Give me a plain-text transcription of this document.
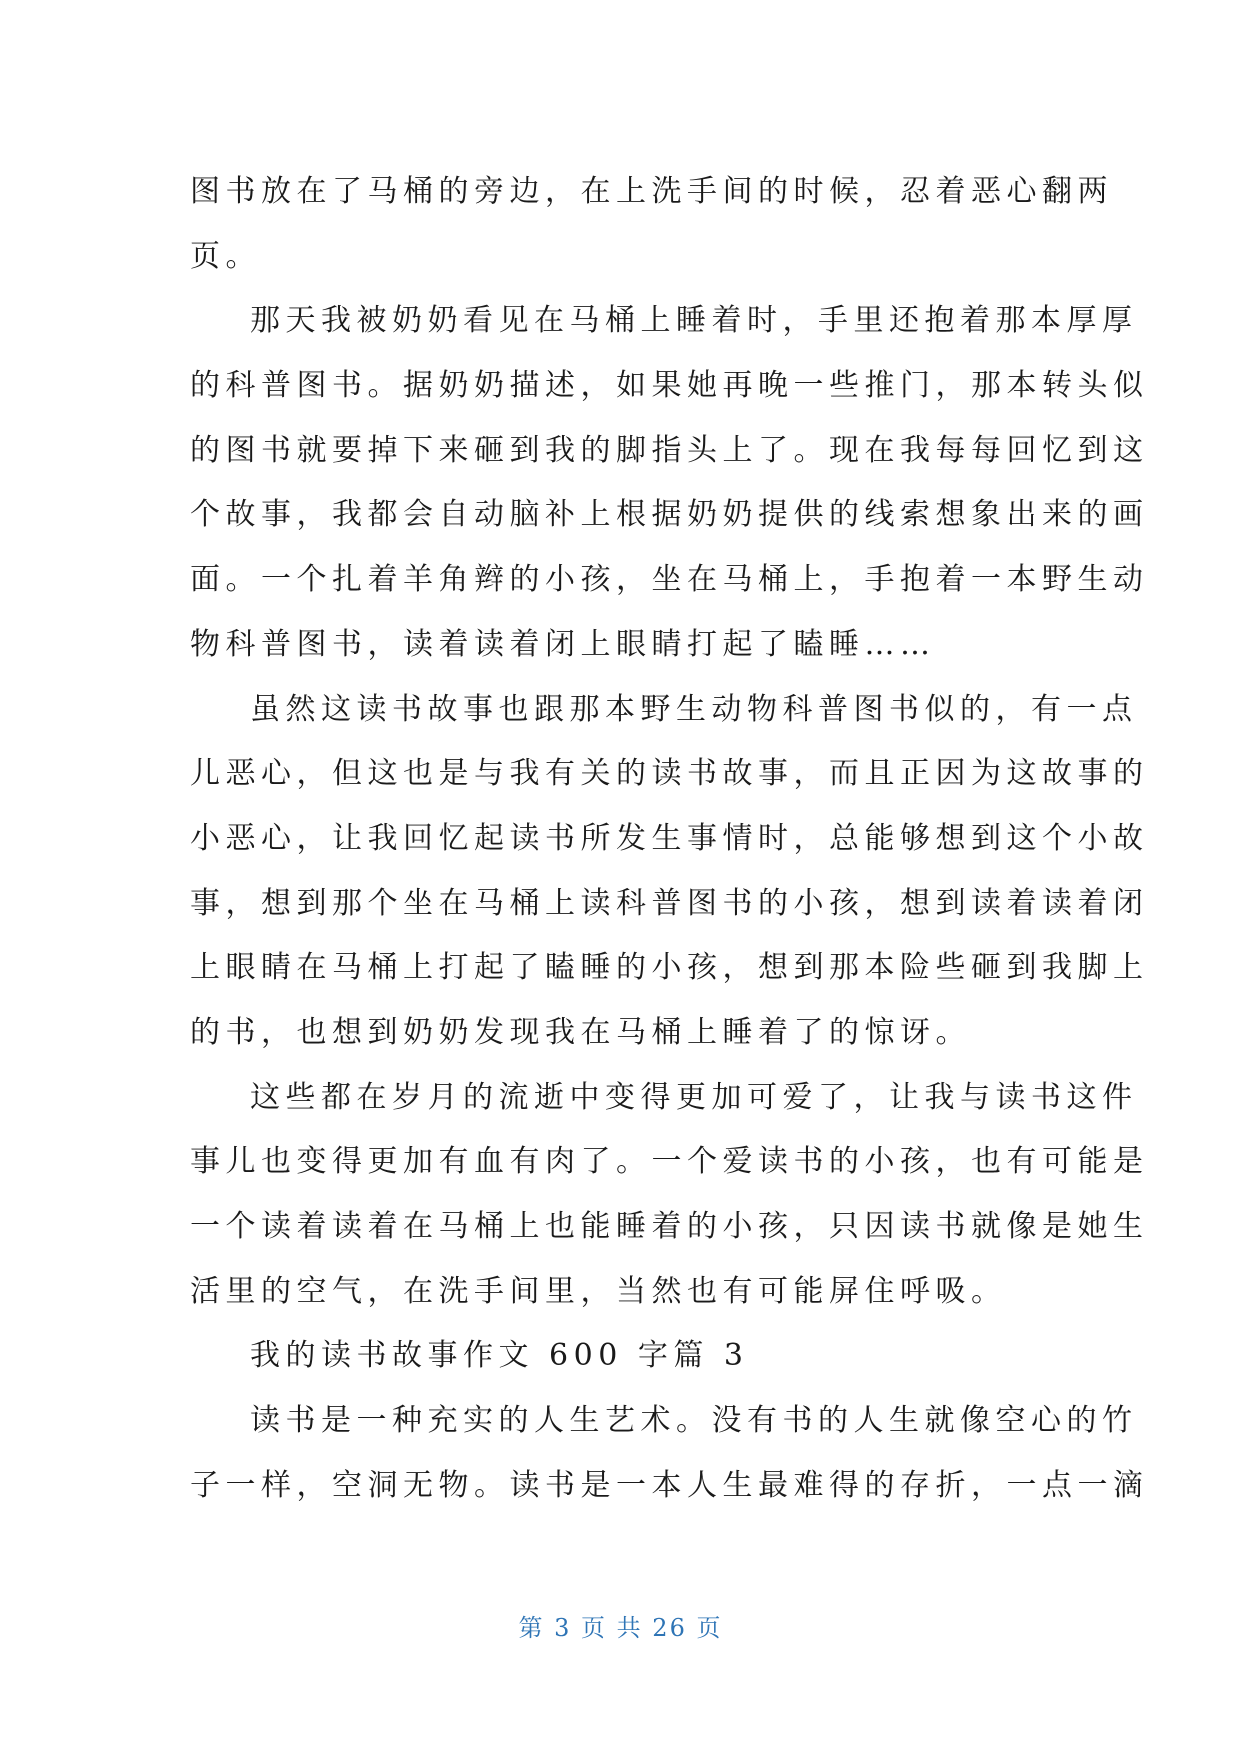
图书放在了马桶的旁边，在上洗手间的时候，忍着恶心翻两
页。
那天我被奶奶看见在马桶上睡着时，手里还抱着那本厚厚
的科普图书。据奶奶描述，如果她再晚一些推门，那本转头似
的图书就要掉下来砸到我的脚指头上了。现在我每每回忆到这
个故事，我都会自动脑补上根据奶奶提供的线索想象出来的画
面。一个扎着羊角辫的小孩，坐在马桶上，手抱着一本野生动
物科普图书，读着读着闭上眼睛打起了瞌睡……
虽然这读书故事也跟那本野生动物科普图书似的，有一点
儿恶心，但这也是与我有关的读书故事，而且正因为这故事的
小恶心，让我回忆起读书所发生事情时，总能够想到这个小故
事，想到那个坐在马桶上读科普图书的小孩，想到读着读着闭
上眼睛在马桶上打起了瞌睡的小孩，想到那本险些砸到我脚上
的书，也想到奶奶发现我在马桶上睡着了的惊讶。
这些都在岁月的流逝中变得更加可爱了，让我与读书这件
事儿也变得更加有血有肉了。一个爱读书的小孩，也有可能是
一个读着读着在马桶上也能睡着的小孩，只因读书就像是她生
活里的空气，在洗手间里，当然也有可能屏住呼吸。
我的读书故事作文 600 字篇 3
读书是一种充实的人生艺术。没有书的人生就像空心的竹
子一样，空洞无物。读书是一本人生最难得的存折，一点一滴
第 3 页 共 26 页
